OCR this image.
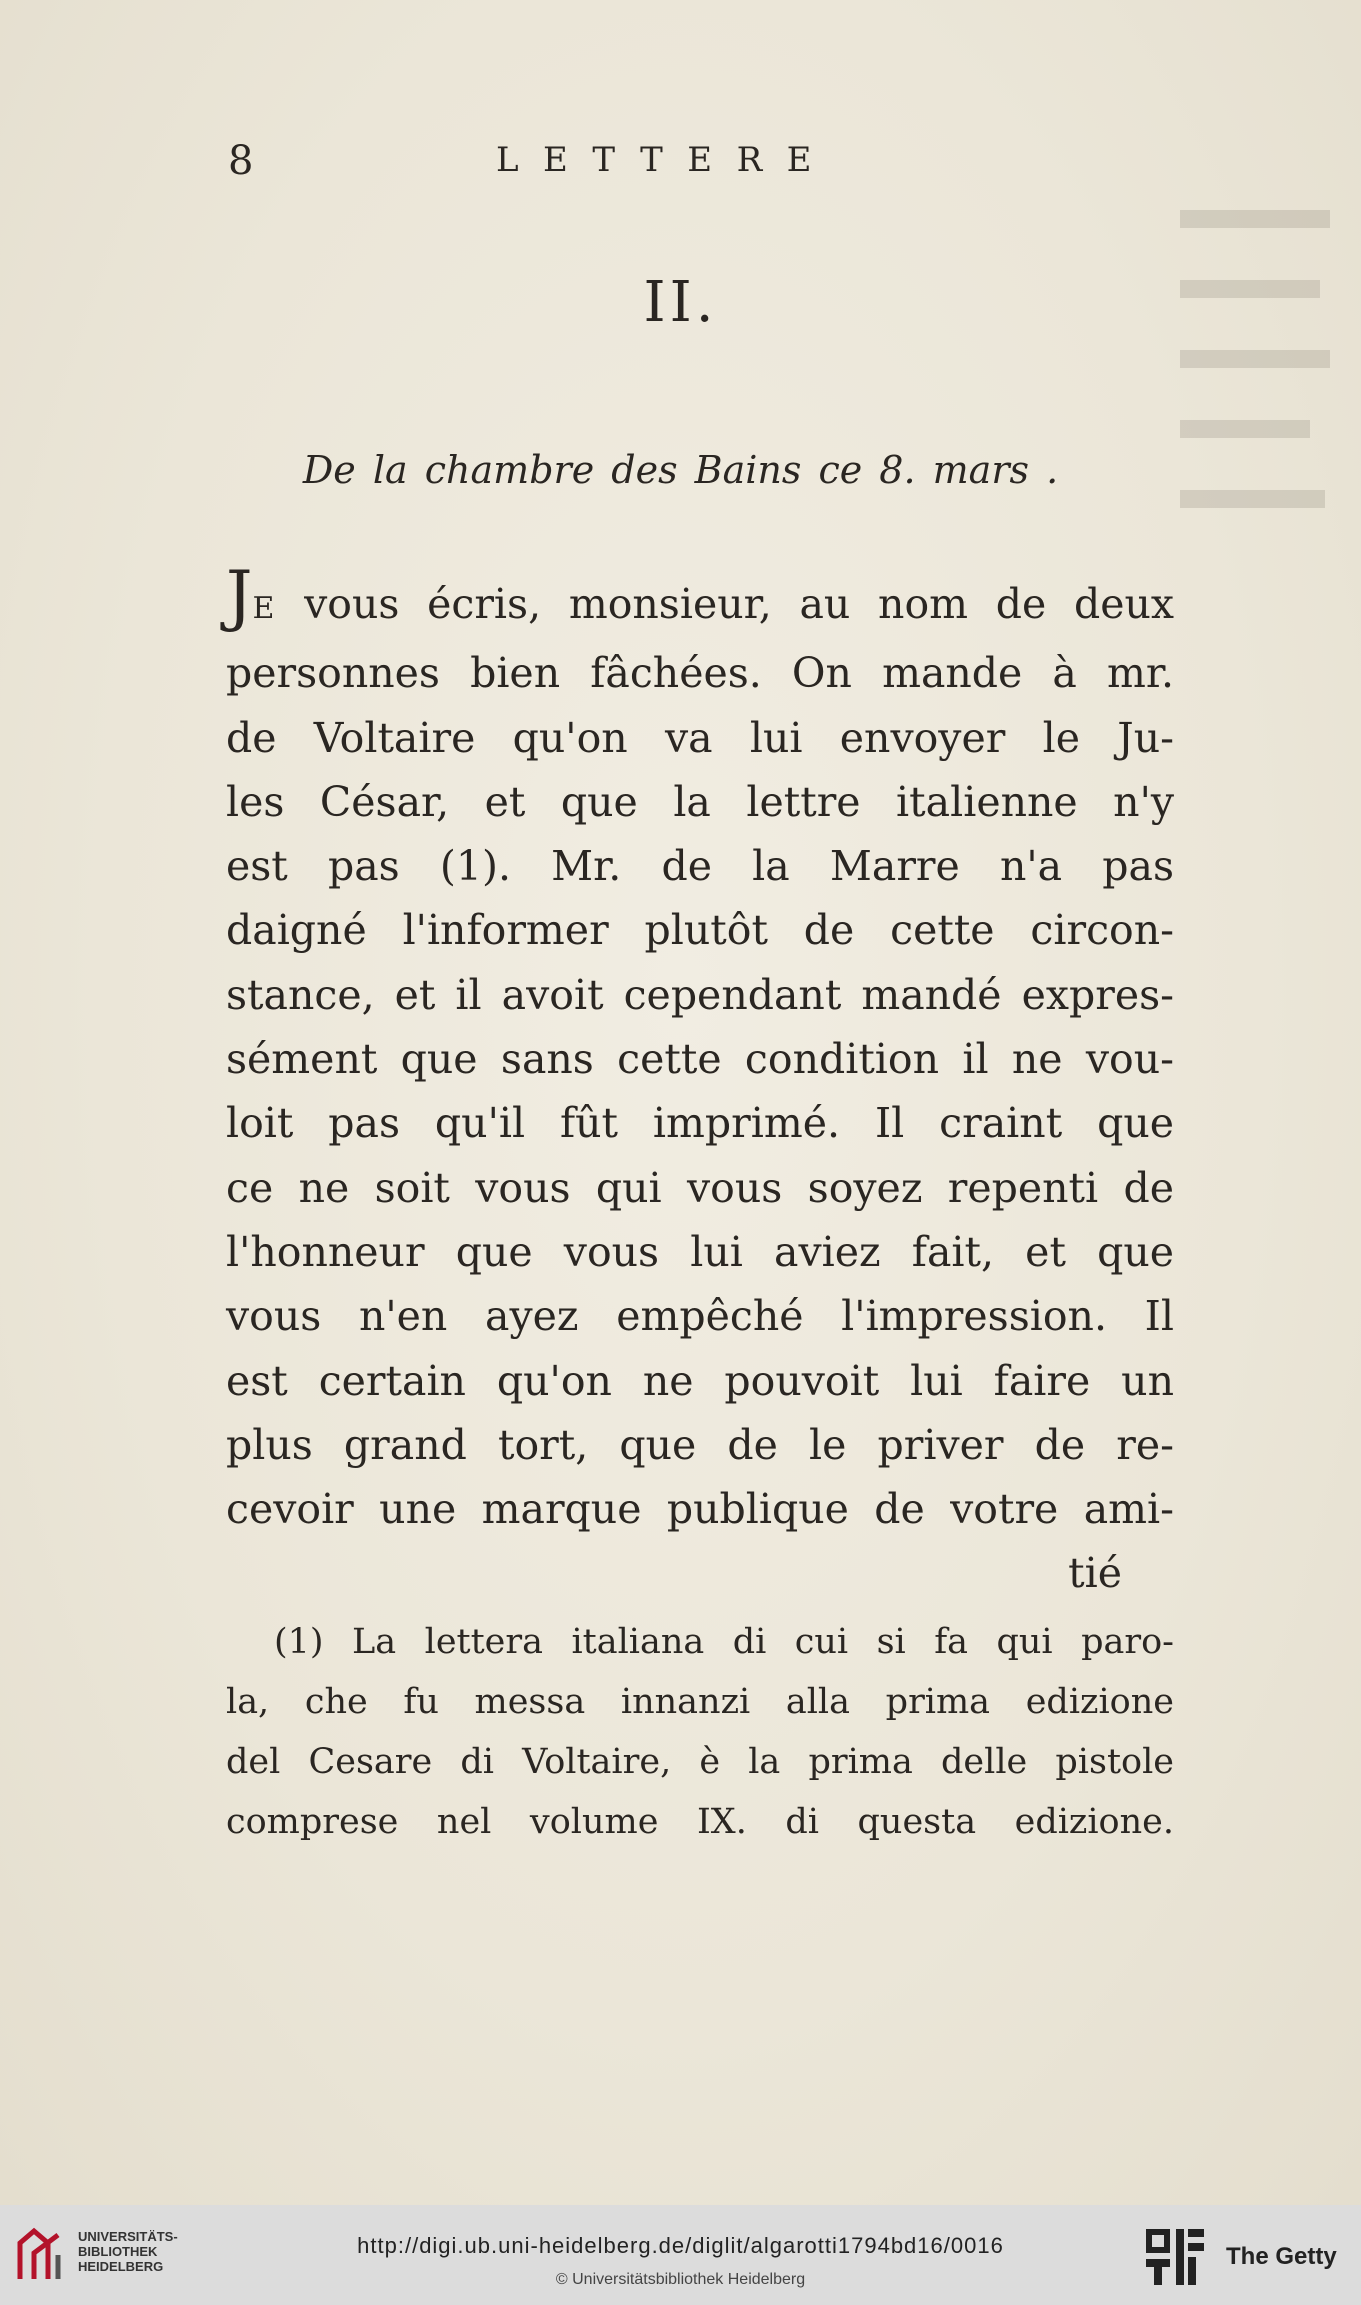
8	LETTERE
II.
De la chambre des Bains ce 8. mars .
JE vous écris, monsieur, au nom de deux
personnes bien fâchées. On mande à mr.
de Voltaire qu'on va lui envoyer le Ju-
les César, et que la lettre italienne n'y
est pas (1). Mr. de la Marre n'a pas
daigné l'informer plutôt de cette circon-
stance, et il avoit cependant mandé expres-
sément que sans cette condition il ne vou-
loit pas qu'il fût imprimé. Il craint que
ce ne soit vous qui vous soyez repenti de
l'honneur que vous lui aviez fait, et que
vous n'en ayez empêché l'impression. Il
est certain qu'on ne pouvoit lui faire un
plus grand tort, que de le priver de re-
cevoir une marque publique de votre ami-
tié
(1) La lettera italiana di cui si fa qui paro-
la, che fu messa innanzi alla prima edizione
del Cesare di Voltaire, è la prima delle pistole
comprese nel volume IX. di questa edizione.
UNIVERSITÄTS-
BIBLIOTHEK
HEIDELBERG
http://digi.ub.uni-heidelberg.de/diglit/algarotti1794bd16/0016
© Universitätsbibliothek Heidelberg
The Getty
